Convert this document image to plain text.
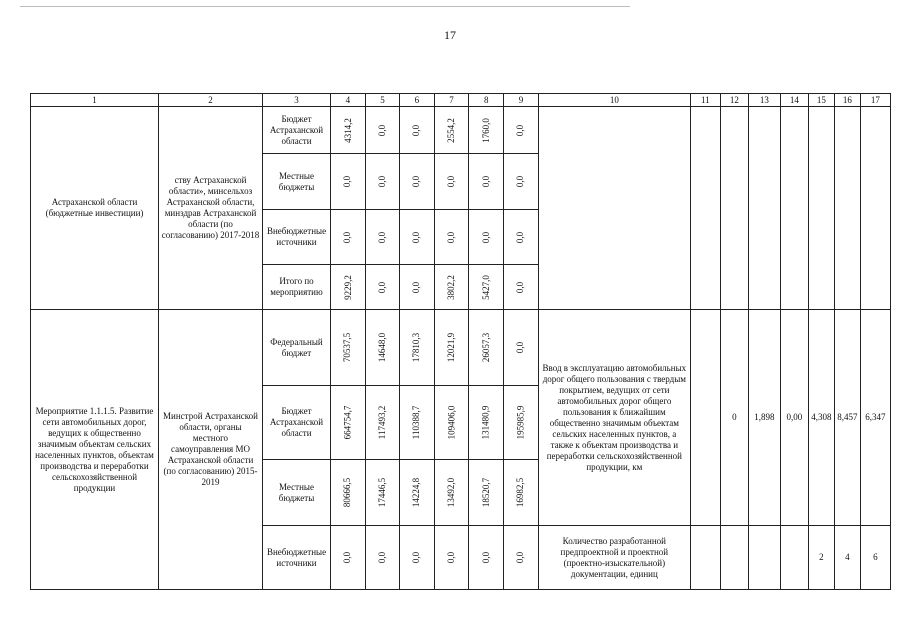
17
1	2	3	4	5	6	7	8	9	10	11	12	13	14	15	16	17
Астраханской области (бюджетные инвестиции)	ству Астраханской области», минсельхоз Астраханской области, минздрав Астраханской области (по согласованию) 2017-2018	Бюджет Астраханской области	4314,2	0,0	0,0	2554,2	1760,0	0,0								

		Местные бюджеты	0,0	0,0	0,0	0,0	0,0	0,0								

		Внебюджетные источники	0,0	0,0	0,0	0,0	0,0	0,0								

		Итого по мероприятию	9229,2	0,0	0,0	3802,2	5427,0	0,0								

Мероприятие 1.1.1.5. Развитие сети автомобильных дорог, ведущих к общественно значимым объектам сельских населенных пунктов, объектам производства и переработки сельскохозяйственной продукции	Минстрой Астраханской области, органы местного самоуправления МО Астраханской области (по согласованию) 2015-2019	Федеральный бюджет	70537,5	14648,0	17810,3	12021,9	26057,3	0,0	Ввод в эксплуатацию автомобильных дорог общего пользования с твердым покрытием, ведущих от сети автомобильных дорог общего пользования к ближайшим общественно значимым объектам сельских населенных пунктов, а также к объектам производства и переработки сельскохозяйственной продукции, км		0	1,898	0,00	4,308	8,457	6,347
		Бюджет Астраханской области	664754,7	117493,2	110388,7	109406,0	131480,9	195985,9								

		Местные бюджеты	80666,5	17446,5	14224,8	13492,0	18520,7	16982,5								

		Внебюджетные источники	0,0	0,0	0,0	0,0	0,0	0,0	Количество разработанной предпроектной и проектной (проектно-изыскательной) документации, единиц					2	4	6
